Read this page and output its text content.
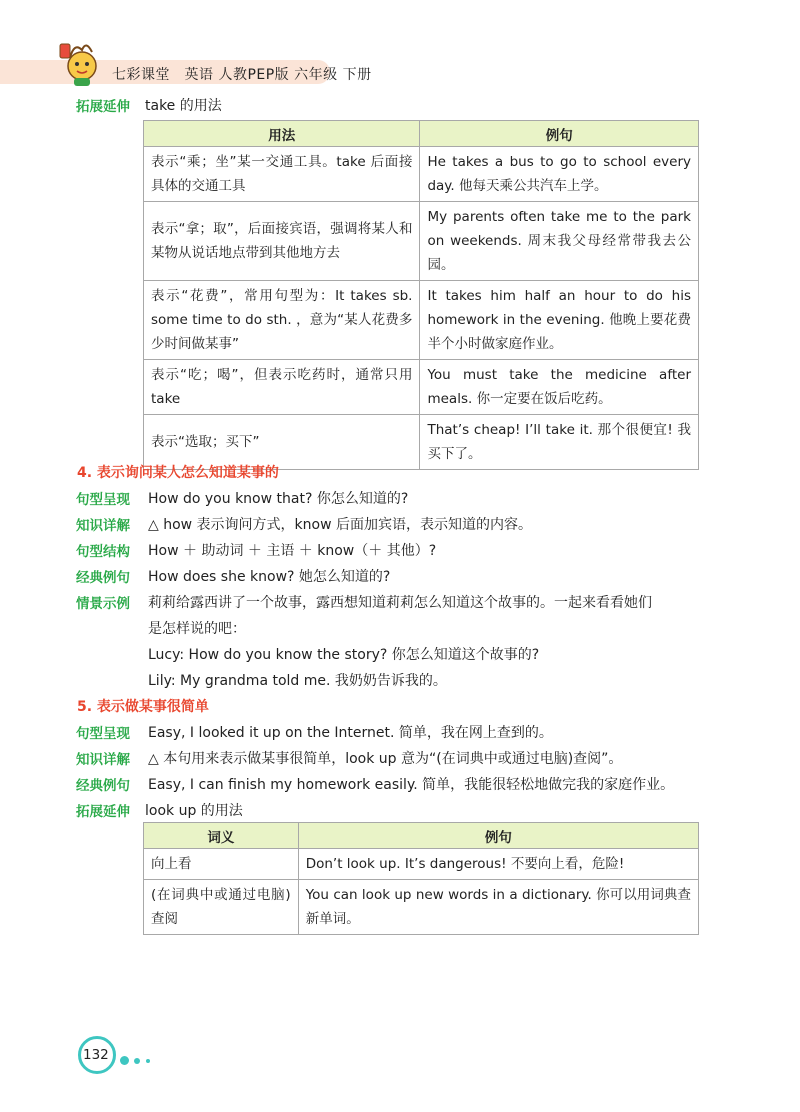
七彩课堂　英语 人教PEP版 六年级 下册
拓展延伸 take 的用法
用法	例句
表示“乘；坐”某一交通工具。take 后面接具体的交通工具	He takes a bus to go to school every day. 他每天乘公共汽车上学。
表示“拿；取”，后面接宾语，强调将某人和某物从说话地点带到其他地方去	My parents often take me to the park on weekends. 周末我父母经常带我去公园。
表示“花费”，常用句型为：It takes sb. some time to do sth. ，意为“某人花费多少时间做某事”	It takes him half an hour to do his homework in the evening. 他晚上要花费半个小时做家庭作业。
表示“吃；喝”，但表示吃药时，通常只用 take	You must take the medicine after meals. 你一定要在饭后吃药。
表示“选取；买下”	That’s cheap! I’ll take it. 那个很便宜! 我买下了。
4. 表示询问某人怎么知道某事的
句型呈现 How do you know that? 你怎么知道的?
知识详解 △ how 表示询问方式，know 后面加宾语，表示知道的内容。
句型结构 How ＋ 助动词 ＋ 主语 ＋ know（＋ 其他）?
经典例句 How does she know? 她怎么知道的?
情景示例 莉莉给露西讲了一个故事，露西想知道莉莉怎么知道这个故事的。一起来看看她们
是怎样说的吧：
Lucy: How do you know the story? 你怎么知道这个故事的?
Lily: My grandma told me. 我奶奶告诉我的。
5. 表示做某事很简单
句型呈现 Easy, I looked it up on the Internet. 简单，我在网上查到的。
知识详解 △ 本句用来表示做某事很简单，look up 意为“(在词典中或通过电脑)查阅”。
经典例句 Easy, I can finish my homework easily. 简单，我能很轻松地做完我的家庭作业。
拓展延伸 look up 的用法
词义	例句
向上看	Don’t look up. It’s dangerous! 不要向上看，危险!
(在词典中或通过电脑)查阅	You can look up new words in a dictionary. 你可以用词典查新单词。
132
